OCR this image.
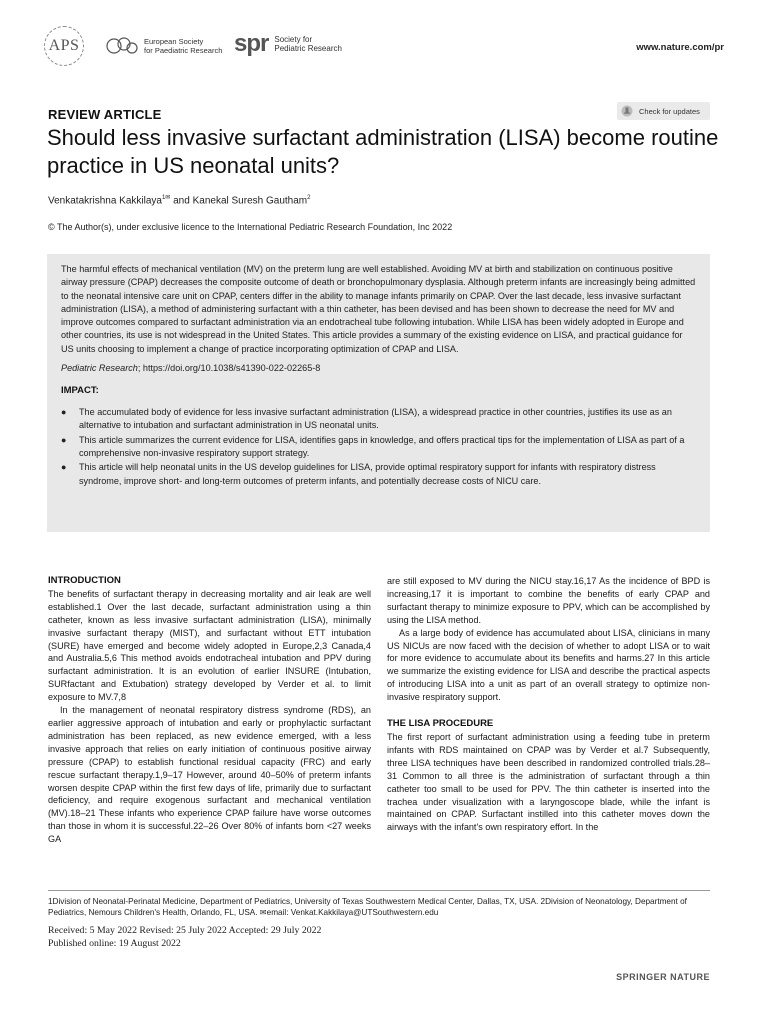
APS	European Society
for Paediatric Research spr Society for
Pediatric Research	www.nature.com/pr
REVIEW ARTICLE	Check for updates
Should less invasive surfactant administration (LISA) become routine practice in US neonatal units?
Venkatakrishna Kakkilaya$^{1✉}$ and Kanekal Suresh Gautham$^2$
© The Author(s), under exclusive licence to the International Pediatric Research Foundation, Inc 2022

The harmful effects of mechanical ventilation (MV) on the preterm lung are well established. Avoiding MV at birth and stabilization on continuous positive airway pressure (CPAP) decreases the composite outcome of death or bronchopulmonary dysplasia. Although preterm infants are increasingly being admitted to the neonatal intensive care unit on CPAP, centers differ in the ability to manage infants primarily on CPAP. Over the last decade, less invasive surfactant administration (LISA), a method of administering surfactant with a thin catheter, has been devised and has been shown to decrease the need for MV and improve outcomes compared to surfactant administration via an endotracheal tube following intubation. While LISA has been widely adopted in Europe and other countries, its use is not widespread in the United States. This article provides a summary of the existing evidence on LISA, and practical guidance for US units choosing to implement a change of practice incorporating optimization of CPAP and LISA.

Pediatric Research; https://doi.org/10.1038/s41390-022-02265-8

IMPACT:
● The accumulated body of evidence for less invasive surfactant administration (LISA), a widespread practice in other countries, justifies its use as an alternative to intubation and surfactant administration in US neonatal units.
● This article summarizes the current evidence for LISA, identifies gaps in knowledge, and offers practical tips for the implementation of LISA as part of a comprehensive non-invasive respiratory support strategy.
● This article will help neonatal units in the US develop guidelines for LISA, provide optimal respiratory support for infants with respiratory distress syndrome, improve short- and long-term outcomes of preterm infants, and potentially decrease costs of NICU care.
INTRODUCTION

The benefits of surfactant therapy in decreasing mortality and air leak are well established.1 Over the last decade, surfactant administration using a thin catheter, known as less invasive surfactant administration (LISA), minimally invasive surfactant therapy (MIST), and surfactant without ETT intubation (SURE) have emerged and become widely adopted in Europe,2,3 Canada,4 and Australia.5,6 This method avoids endotracheal intubation and PPV during surfactant administration. It is an evolution of earlier INSURE (Intubation, SURfactant and Extubation) strategy developed by Verder et al. to limit exposure to MV.7,8

In the management of neonatal respiratory distress syndrome (RDS), an earlier aggressive approach of intubation and early or prophylactic surfactant administration has been replaced, as new evidence emerged, with a less invasive approach that relies on early initiation of continuous positive airway pressure (CPAP) to establish functional residual capacity (FRC) and early rescue surfactant therapy.1,9–17 However, around 40–50% of preterm infants worsen despite CPAP within the first few days of life, primarily due to surfactant deficiency, and require exogenous surfactant and mechanical ventilation (MV).18–21 These infants who experience CPAP failure have worse outcomes than those in whom it is successful.22–26 Over 80% of infants born <27 weeks GA

are still exposed to MV during the NICU stay.16,17 As the incidence of BPD is increasing,17 it is important to combine the benefits of early CPAP and surfactant therapy to minimize exposure to PPV, which can be accomplished by using the LISA method.

As a large body of evidence has accumulated about LISA, clinicians in many US NICUs are now faced with the decision of whether to adopt LISA or to wait for more evidence to accumulate about its benefits and harms.27 In this article we summarize the existing evidence for LISA and describe the practical aspects of introducing LISA into a unit as part of an overall strategy to optimize non-invasive respiratory support.

THE LISA PROCEDURE

The first report of surfactant administration using a feeding tube in preterm infants with RDS maintained on CPAP was by Verder et al.7 Subsequently, three LISA techniques have been described in randomized controlled trials.28–31 Common to all three is the administration of surfactant through a thin catheter too small to be used for PPV. The thin catheter is inserted into the trachea under visualization with a laryngoscope blade, while the infant is maintained on CPAP. Surfactant instilled into this catheter moves down the airways with the infant's own respiratory effort. In the

1Division of Neonatal-Perinatal Medicine, Department of Pediatrics, University of Texas Southwestern Medical Center, Dallas, TX, USA. 2Division of Neonatology, Department of Pediatrics, Nemours Children's Health, Orlando, FL, USA. ✉email: Venkat.Kakkilaya@UTSouthwestern.edu
Received: 5 May 2022 Revised: 25 July 2022 Accepted: 29 July 2022
Published online: 19 August 2022
SPRINGER NATURE
